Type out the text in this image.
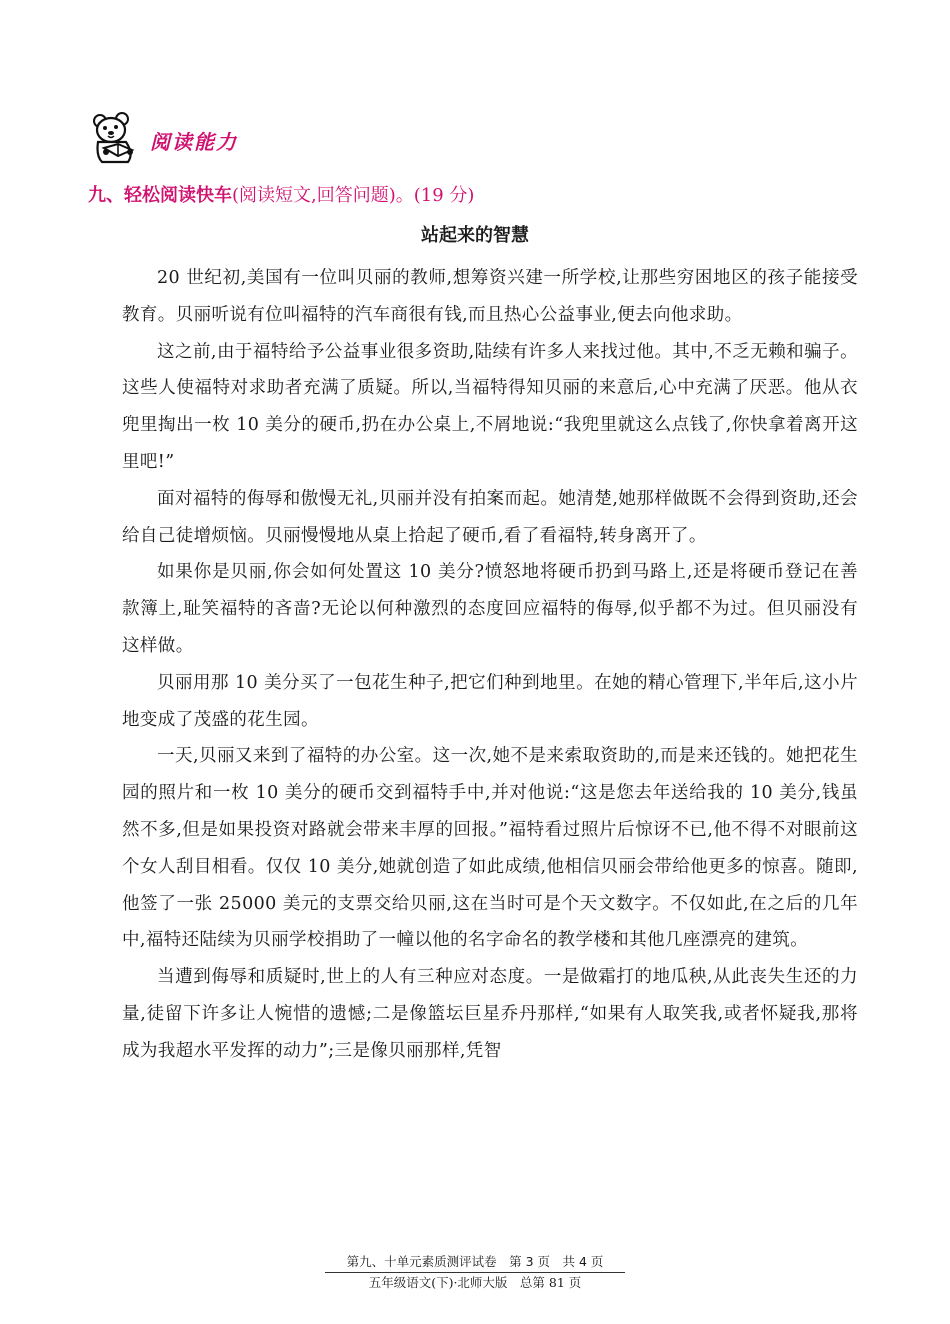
阅读能力
九、轻松阅读快车(阅读短文,回答问题)。(19 分)
站起来的智慧

20 世纪初,美国有一位叫贝丽的教师,想筹资兴建一所学校,让那些穷困地区的孩子能接受教育。贝丽听说有位叫福特的汽车商很有钱,而且热心公益事业,便去向他求助。

这之前,由于福特给予公益事业很多资助,陆续有许多人来找过他。其中,不乏无赖和骗子。这些人使福特对求助者充满了质疑。所以,当福特得知贝丽的来意后,心中充满了厌恶。他从衣兜里掏出一枚 10 美分的硬币,扔在办公桌上,不屑地说:“我兜里就这么点钱了,你快拿着离开这里吧!”

面对福特的侮辱和傲慢无礼,贝丽并没有拍案而起。她清楚,她那样做既不会得到资助,还会给自己徒增烦恼。贝丽慢慢地从桌上拾起了硬币,看了看福特,转身离开了。

如果你是贝丽,你会如何处置这 10 美分?愤怒地将硬币扔到马路上,还是将硬币登记在善款簿上,耻笑福特的吝啬?无论以何种激烈的态度回应福特的侮辱,似乎都不为过。但贝丽没有这样做。

贝丽用那 10 美分买了一包花生种子,把它们种到地里。在她的精心管理下,半年后,这小片地变成了茂盛的花生园。

一天,贝丽又来到了福特的办公室。这一次,她不是来索取资助的,而是来还钱的。她把花生园的照片和一枚 10 美分的硬币交到福特手中,并对他说:“这是您去年送给我的 10 美分,钱虽然不多,但是如果投资对路就会带来丰厚的回报。”福特看过照片后惊讶不已,他不得不对眼前这个女人刮目相看。仅仅 10 美分,她就创造了如此成绩,他相信贝丽会带给他更多的惊喜。随即,他签了一张 25000 美元的支票交给贝丽,这在当时可是个天文数字。不仅如此,在之后的几年中,福特还陆续为贝丽学校捐助了一幢以他的名字命名的教学楼和其他几座漂亮的建筑。

当遭到侮辱和质疑时,世上的人有三种应对态度。一是做霜打的地瓜秧,从此丧失生还的力量,徒留下许多让人惋惜的遗憾;二是像篮坛巨星乔丹那样,“如果有人取笑我,或者怀疑我,那将成为我超水平发挥的动力”;三是像贝丽那样,凭智

第九、十单元素质测评试卷　第 3 页　共 4 页
五年级语文(下)·北师大版　总第 81 页
